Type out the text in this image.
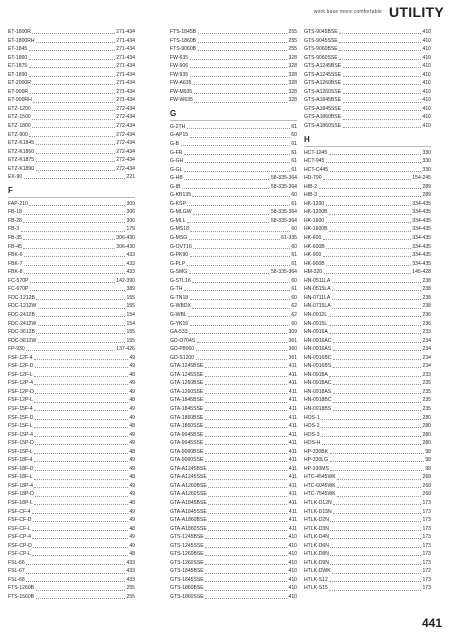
work base more comfortable UTILITY
ET-1800R	271-434
ET-1800RH	271-434
ET-1845	271-434
ET-1860	271-434
ET-1875	271-434
ET-1890	271-434
ET-2000R	271-434
ET-900R	271-434
ET-900RH	271-434
ETZ-1200	272-434
ETZ-1500	272-434
ETZ-1800	272-434
ETZ-900	272-434
ETZ-K1845	272-434
ETZ-K1860	272-434
ETZ-K1875	272-434
ETZ-K1890	272-434
EX-90	221
F
FAP-210	309
FB-18	306
FB-28	306
FB-3	179
FB-35	306-430
FB-45	306-430
FBK-6	433
FBK-7	433
FBK-8	433
FC-570P	142-390
FC-670P	389
FDC-1212B	155
FDC-1212W	155
FDC-2412B	154
FDC-2412W	154
FDC-3612B	155
FDC-3612W	155
FP-930	137-426
FSF-12F-4	49
FSF-12F-D	49
FSF-12F-L	48
FSF-12P-4	49
FSF-12P-D	49
FSF-12P-L	48
FSF-15F-4	49
FSF-15F-D	49
FSF-15F-L	48
FSF-15P-4	49
FSF-15P-D	49
FSF-15P-L	48
FSF-18F-4	49
FSF-18F-D	49
FSF-18F-L	48
FSF-18P-4	49
FSF-18P-D	49
FSF-18P-L	48
FSF-CF-4	49
FSF-CF-D	49
FSF-CF-L	48
FSF-CP-4	49
FSF-CP-D	49
FSF-CP-L	48
FSL-66	433
FSL-67	433
FSL-68	433
FTS-1260B	255
FTS-1560B	255
FTS-1845B	255
FTS-1860B	255
FTS-9060B	255
FW-635	328
FW-906	328
FW-935	328
FW-A635	328
FW-M935	328
FW-W635	328
G
G-2TH	61
G-AP15	60
G-B	61
G-FR	61
G-GH	61
G-GL	61
G-HB	58-335-364
G-IB	58-335-364
G-KB135	60
G-KSP	61
G-MLGW	58-335-364
G-MLL	58-335-364
G-MS18	60
G-MSG	61-335
G-OVT16	60
G-PK90	61
G-PLP	61
G-SMG	58-335-364
G-STL16	60
G-TH	61
G-TN18	60
G-WBDX	62
G-WBL	62
G-YK16	60
GA-533	309
GD-O704S	361
GD-P8060	360
GD-S1200	361
GTA-1245BSE	411
GTA-1245SSE	411
GTA-1260BSE	411
GTA-1260SSE	411
GTA-1845BSE	411
GTA-1845SSE	411
GTA-1860BSE	411
GTA-1860SSE	411
GTA-9045BSE	411
GTA-9045SSE	411
GTA-9060BSE	411
GTA-9060SSE	411
GTA-A1245BSE	411
GTA-A1245SSE	411
GTA-A1260BSE	411
GTA-A1260SSE	411
GTA-A1845BSE	411
GTA-A1845SSE	411
GTA-A1860BSE	411
GTA-A1860SSE	411
GTS-1245BSE	410
GTS-1245SSE	410
GTS-1260BSE	410
GTS-1260SSE	410
GTS-1845BSE	410
GTS-1845SSE	410
GTS-1860BSE	410
GTS-1860SSE	410
GTS-9045BSE	410
GTS-9045SSE	410
GTS-9060BSE	410
GTS-9060SSE	410
GTS-A1245BSE	410
GTS-A1245SSE	410
GTS-A1260BSE	410
GTS-A1260SSE	410
GTS-A1845BSE	410
GTS-A1845SSE	410
GTS-A1860BSE	410
GTS-A1860SSE	410
H
HCT-1245	330
HCT-945	330
HCT-C445	330
HD-790	154-245
HIB-2	289
HIB-3	289
HK-1200	334-435
HK-1200B	334-435
HK-1600	334-435
HK-1600B	334-435
HK-600	334-435
HK-600B	334-435
HK-900	334-435
HK-900B	334-435
HM-320	145-428
HN-0511LA	238
HN-0515LA	238
HN-0711LA	238
HN-0715LA	238
HN-0912L	236
HN-0915L	236
HN-0916A	233
HN-0916AC	234
HN-0916AS	234
HN-0916BC	234
HN-0916BS	234
HN-0918A	233
HN-0918AC	235
HN-0918AS	235
HN-0918BC	235
HN-0918BS	235
HOS-1	280
HOS-2	280
HOS-3	280
HOS-H	280
HP-330BK	98
HP-330LG	98
HP-330MS	98
HTC-4545WK	268
HTC-6045WK	268
HTC-7545WK	268
HTLK-D12N	173
HTLK-D15N	173
HTLK-D2N	173
HTLK-D3N	173
HTLK-D4N	173
HTLK-D6N	173
HTLK-D8N	173
HTLK-D9N	173
HTLK-DWK	172
HTLK-S12	173
HTLK-S15	173
441
